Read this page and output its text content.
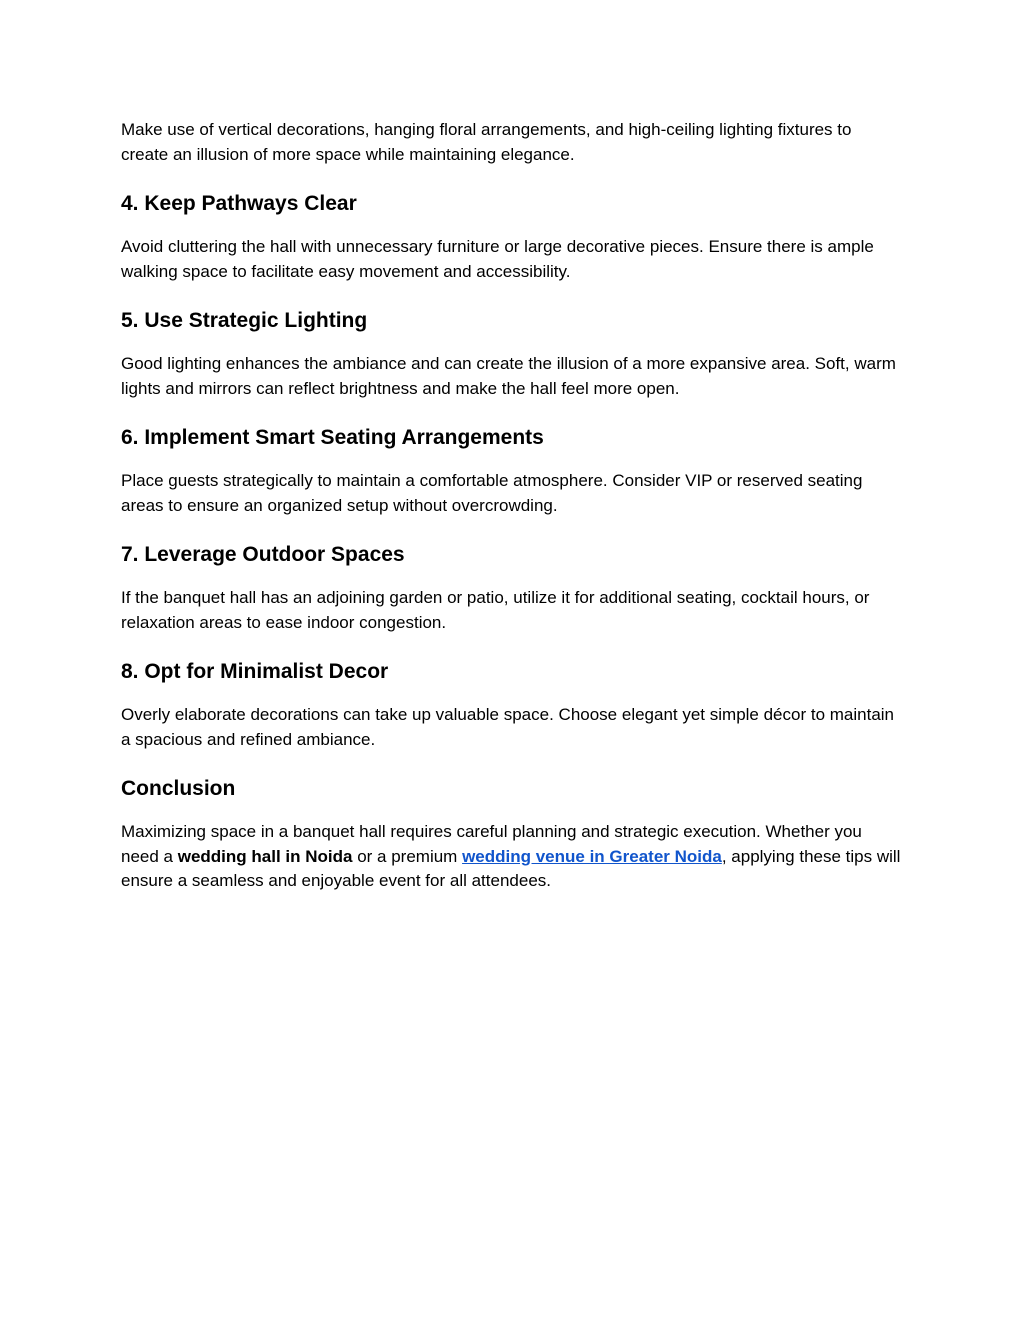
Make use of vertical decorations, hanging floral arrangements, and high-ceiling lighting fixtures to create an illusion of more space while maintaining elegance.

4. Keep Pathways Clear

Avoid cluttering the hall with unnecessary furniture or large decorative pieces. Ensure there is ample walking space to facilitate easy movement and accessibility.

5. Use Strategic Lighting

Good lighting enhances the ambiance and can create the illusion of a more expansive area. Soft, warm lights and mirrors can reflect brightness and make the hall feel more open.

6. Implement Smart Seating Arrangements

Place guests strategically to maintain a comfortable atmosphere. Consider VIP or reserved seating areas to ensure an organized setup without overcrowding.

7. Leverage Outdoor Spaces

If the banquet hall has an adjoining garden or patio, utilize it for additional seating, cocktail hours, or relaxation areas to ease indoor congestion.

8. Opt for Minimalist Decor

Overly elaborate decorations can take up valuable space. Choose elegant yet simple décor to maintain a spacious and refined ambiance.

Conclusion

Maximizing space in a banquet hall requires careful planning and strategic execution. Whether you need a wedding hall in Noida or a premium wedding venue in Greater Noida, applying these tips will ensure a seamless and enjoyable event for all attendees.
